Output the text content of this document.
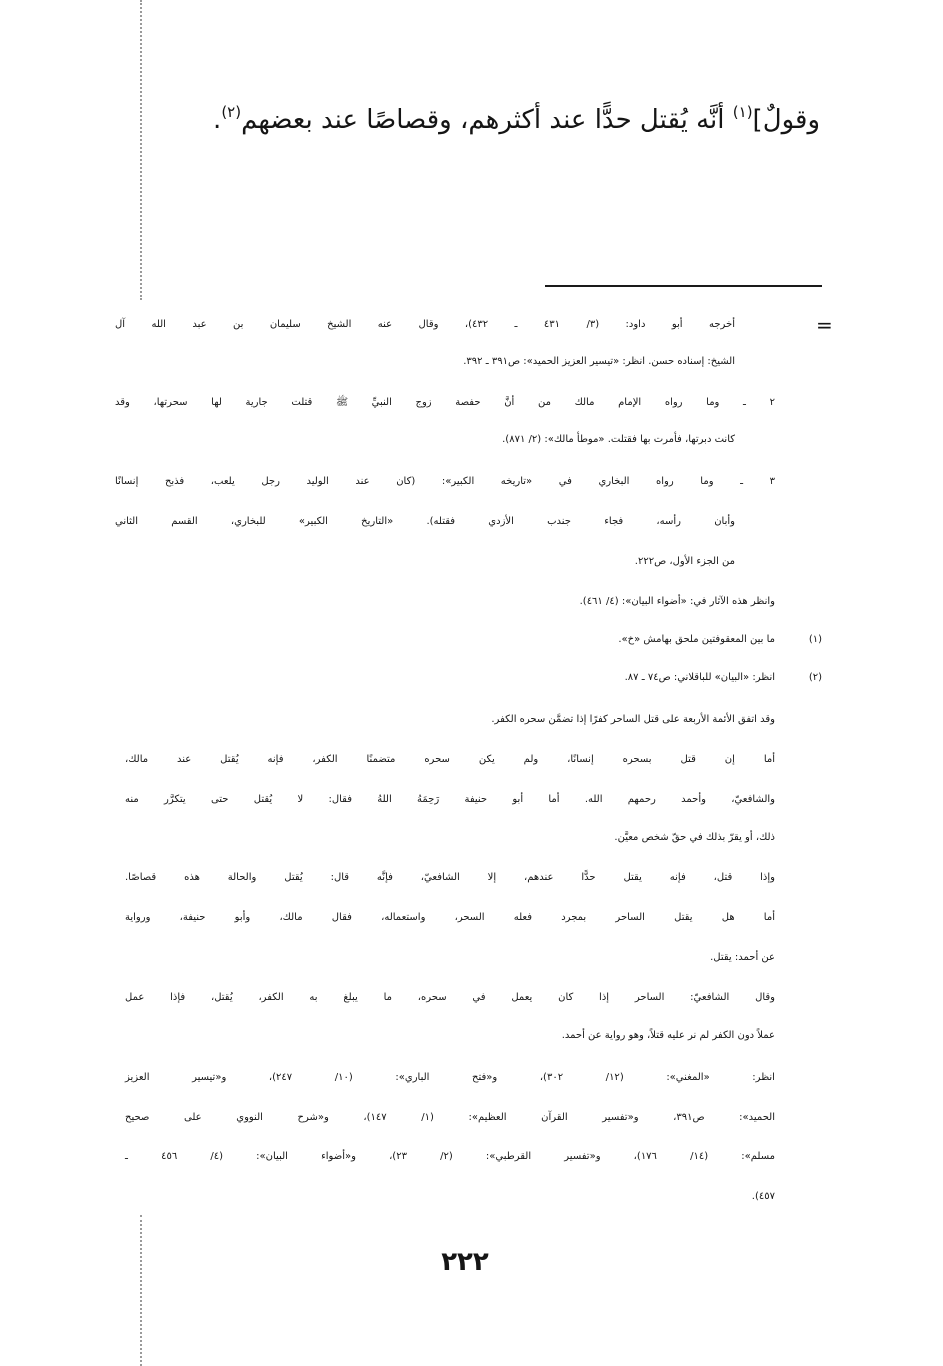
وقولٌ]$^{(١)}$ أنَّه يُقتل حدًّا عند أكثرهم، وقصاصًا عند بعضهم$^{(٢)}$.
=
أخرجه أبو داود: (٣/ ٤٣١ ـ ٤٣٢)، وقال عنه الشيخ سليمان بن عبد الله آل
الشيخ: إسناده حسن. انظر: «تيسير العزيز الحميد»: ص٣٩١ ـ ٣٩٢.
٢ ـ وما رواه الإمام مالك من أنَّ حفصة زوج النبيِّ ﷺ قتلت جارية لها سحرتها، وقد
كانت دبرتها، فأمرت بها فقتلت. «موطأ مالك»: (٢/ ٨٧١).
٣ ـ وما رواه البخاري في «تاريخه الكبير»: (كان عند الوليد رجل يلعب، فذبح إنسانًا
وأبان رأسه، فجاء جندب الأزدي فقتله). «التاريخ الكبير» للبخاري، القسم الثاني
من الجزء الأول، ص٢٢٢.
وانظر هذه الآثار في: «أضواء البيان»: (٤/ ٤٦١).
(١)
ما بين المعقوفتين ملحق بهامش «خ».
(٢)
انظر: «البيان» للباقلاني: ص٧٤ ـ ٨٧.
وقد اتفق الأئمة الأربعة على قتل الساحر كفرًا إذا تضمَّن سحره الكفر.
أما إن قتل بسحره إنسانًا، ولم يكن سحره متضمنًا الكفر، فإنه يُقتل عند مالك،
والشافعيّ، وأحمد رحمهم الله. أما أبو حنيفة رَحِمَهُ اللهُ فقال: لا يُقتل حتى يتكرَّر منه
ذلك، أو يقرّ بذلك في حقّ شخص معيَّن.
وإذا قتل، فإنه يقتل حدًّا عندهم، إلا الشافعيّ، فإنَّه قال: يُقتل والحالة هذه قصاصًا.
أما هل يقتل الساحر بمجرد فعله السحر، واستعماله، فقال مالك، وأبو حنيفة، ورواية
عن أحمد: يقتل.
وقال الشافعيّ: الساحر إذا كان يعمل في سحره، ما يبلغ به الكفر، يُقتل، فإذا عمل
عملاً دون الكفر لم نر عليه قتلاً، وهو رواية عن أحمد.
انظر: «المغني»: (١٢/ ٣٠٢)، و«فتح الباري»: (١٠/ ٢٤٧)، و«تيسير العزيز
الحميد»: ص٣٩١، و«تفسير القرآن العظيم»: (١/ ١٤٧)، و«شرح النووي على صحيح
مسلم»: (١٤/ ١٧٦)، و«تفسير القرطبي»: (٢/ ٢٣)، و«أضواء البيان»: (٤/ ٤٥٦ ـ
٤٥٧).
٢٢٢
